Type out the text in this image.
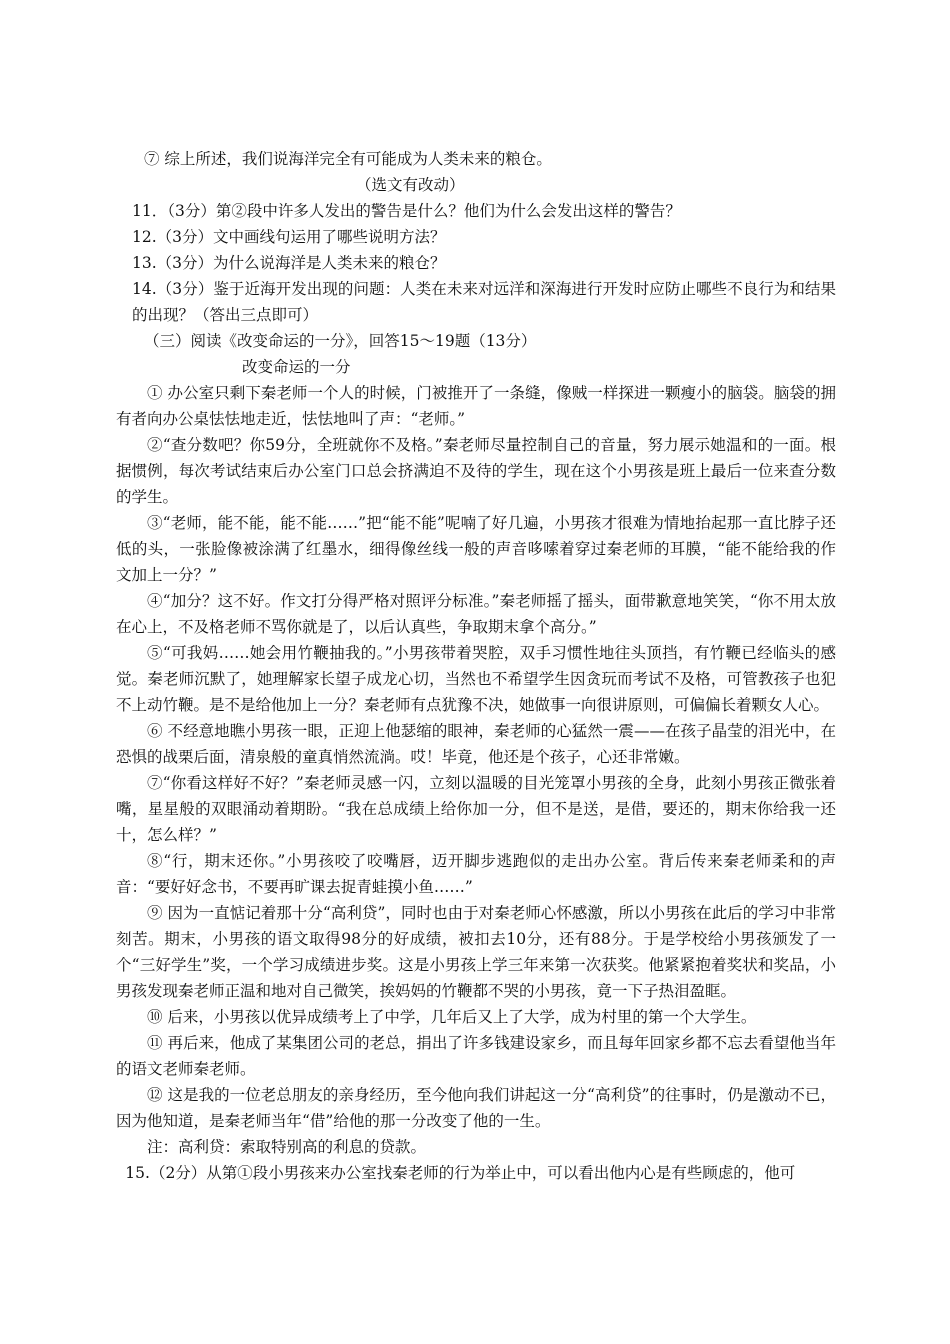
⑦ 综上所述，我们说海洋完全有可能成为人类未来的粮仓。
（选文有改动）
11．（3分）第②段中许多人发出的警告是什么？他们为什么会发出这样的警告？
12.（3分）文中画线句运用了哪些说明方法？
13.（3分）为什么说海洋是人类未来的粮仓？
14.（3分）鉴于近海开发出现的问题：人类在未来对远洋和深海进行开发时应防止哪些不良行为和结果的出现？（答出三点即可）
（三）阅读《改变命运的一分》，回答15～19题（13分）
改变命运的一分

① 办公室只剩下秦老师一个人的时候，门被推开了一条缝，像贼一样探进一颗瘦小的脑袋。脑袋的拥有者向办公桌怯怯地走近，怯怯地叫了声：“老师。”

②“查分数吧？你59分，全班就你不及格。”秦老师尽量控制自己的音量，努力展示她温和的一面。根据惯例，每次考试结束后办公室门口总会挤满迫不及待的学生，现在这个小男孩是班上最后一位来查分数的学生。

③“老师，能不能，能不能……”把“能不能”呢喃了好几遍，小男孩才很难为情地抬起那一直比脖子还低的头，一张脸像被涂满了红墨水，细得像丝线一般的声音哆嗦着穿过秦老师的耳膜，“能不能给我的作文加上一分？”

④“加分？这不好。作文打分得严格对照评分标准。”秦老师摇了摇头，面带歉意地笑笑，“你不用太放在心上，不及格老师不骂你就是了，以后认真些，争取期末拿个高分。”

⑤“可我妈……她会用竹鞭抽我的。”小男孩带着哭腔，双手习惯性地往头顶挡，有竹鞭已经临头的感觉。秦老师沉默了，她理解家长望子成龙心切，当然也不希望学生因贪玩而考试不及格，可管教孩子也犯不上动竹鞭。是不是给他加上一分？秦老师有点犹豫不决，她做事一向很讲原则，可偏偏长着颗女人心。

⑥ 不经意地瞧小男孩一眼，正迎上他瑟缩的眼神，秦老师的心猛然一震——在孩子晶莹的泪光中，在恐惧的战栗后面，清泉般的童真悄然流淌。哎！毕竟，他还是个孩子，心还非常嫩。

⑦“你看这样好不好？”秦老师灵感一闪，立刻以温暖的目光笼罩小男孩的全身，此刻小男孩正微张着嘴，星星般的双眼涌动着期盼。“我在总成绩上给你加一分，但不是送，是借，要还的，期末你给我一还十，怎么样？”

⑧“行，期末还你。”小男孩咬了咬嘴唇，迈开脚步逃跑似的走出办公室。背后传来秦老师柔和的声音：“要好好念书，不要再旷课去捉青蛙摸小鱼……”

⑨ 因为一直惦记着那十分“高利贷”，同时也由于对秦老师心怀感激，所以小男孩在此后的学习中非常刻苦。期末，小男孩的语文取得98分的好成绩，被扣去10分，还有88分。于是学校给小男孩颁发了一个“三好学生”奖，一个学习成绩进步奖。这是小男孩上学三年来第一次获奖。他紧紧抱着奖状和奖品，小男孩发现秦老师正温和地对自己微笑，挨妈妈的竹鞭都不哭的小男孩，竟一下子热泪盈眶。

⑩ 后来，小男孩以优异成绩考上了中学，几年后又上了大学，成为村里的第一个大学生。

⑪ 再后来，他成了某集团公司的老总，捐出了许多钱建设家乡，而且每年回家乡都不忘去看望他当年的语文老师秦老师。

⑫ 这是我的一位老总朋友的亲身经历，至今他向我们讲起这一分“高利贷”的往事时，仍是激动不已，因为他知道，是秦老师当年“借”给他的那一分改变了他的一生。

注：高利贷：索取特别高的利息的贷款。

15.（2分）从第①段小男孩来办公室找秦老师的行为举止中，可以看出他内心是有些顾虑的，他可
